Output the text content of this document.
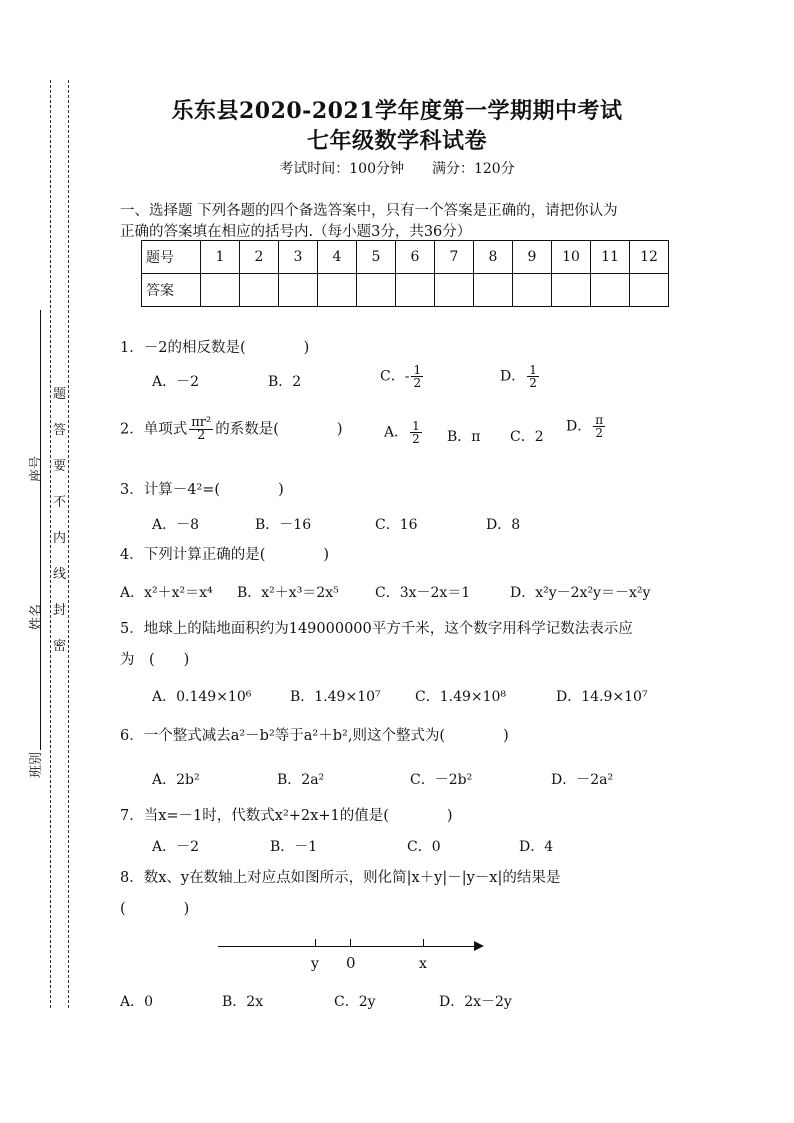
题
答
要
不
内
线
封
密
座号
姓名
班别
乐东县2020-2021学年度第一学期期中考试
七年级数学科试卷
考试时间：100分钟　　满分：120分
一、选择题 下列各题的四个备选答案中，只有一个答案是正确的，请把你认为
正确的答案填在相应的括号内.（每小题3分，共36分）
题号	1	2	3	4	5	6	7	8	9	10	11	12
答案												
1．－2的相反数是(　　　　)
A．－2	B．2	C．- $\frac{1}{2}$	D． $\frac{1}{2}$
2．单项式 $\frac{\text{πr²}}{2}$ 的系数是(　　　　)	A． $\frac{1}{2}$ B．π C．2
D． $\frac{\pi}{2}$
3．计算－4²=(　　　　)
A．－8	B．－16	C．16	D．8
4．下列计算正确的是(　　　　)
A．x²＋x²＝x⁴ B．x²＋x³＝2x⁵	C．3x－2x＝1	D．x²y－2x²y＝－x²y
5．地球上的陆地面积约为149000000平方千米，这个数字用科学记数法表示应
为　(　　)
A．0.149×10⁶	B．1.49×10⁷ C．1.49×10⁸	D．14.9×10⁷
6．一个整式减去a²－b²等于a²＋b²,则这个整式为(　　　　)
A．2b²	B．2a²	C．－2b²	D．－2a²
7．当x=－1时，代数式x²+2x+1的值是(　　　　)
A．－2	B．－1	C．0	D．4
8．数x、y在数轴上对应点如图所示，则化简|x＋y|－|y－x|的结果是
(　　　　)
y 0	x
A．0	B．2x	C．2y	D．2x－2y
